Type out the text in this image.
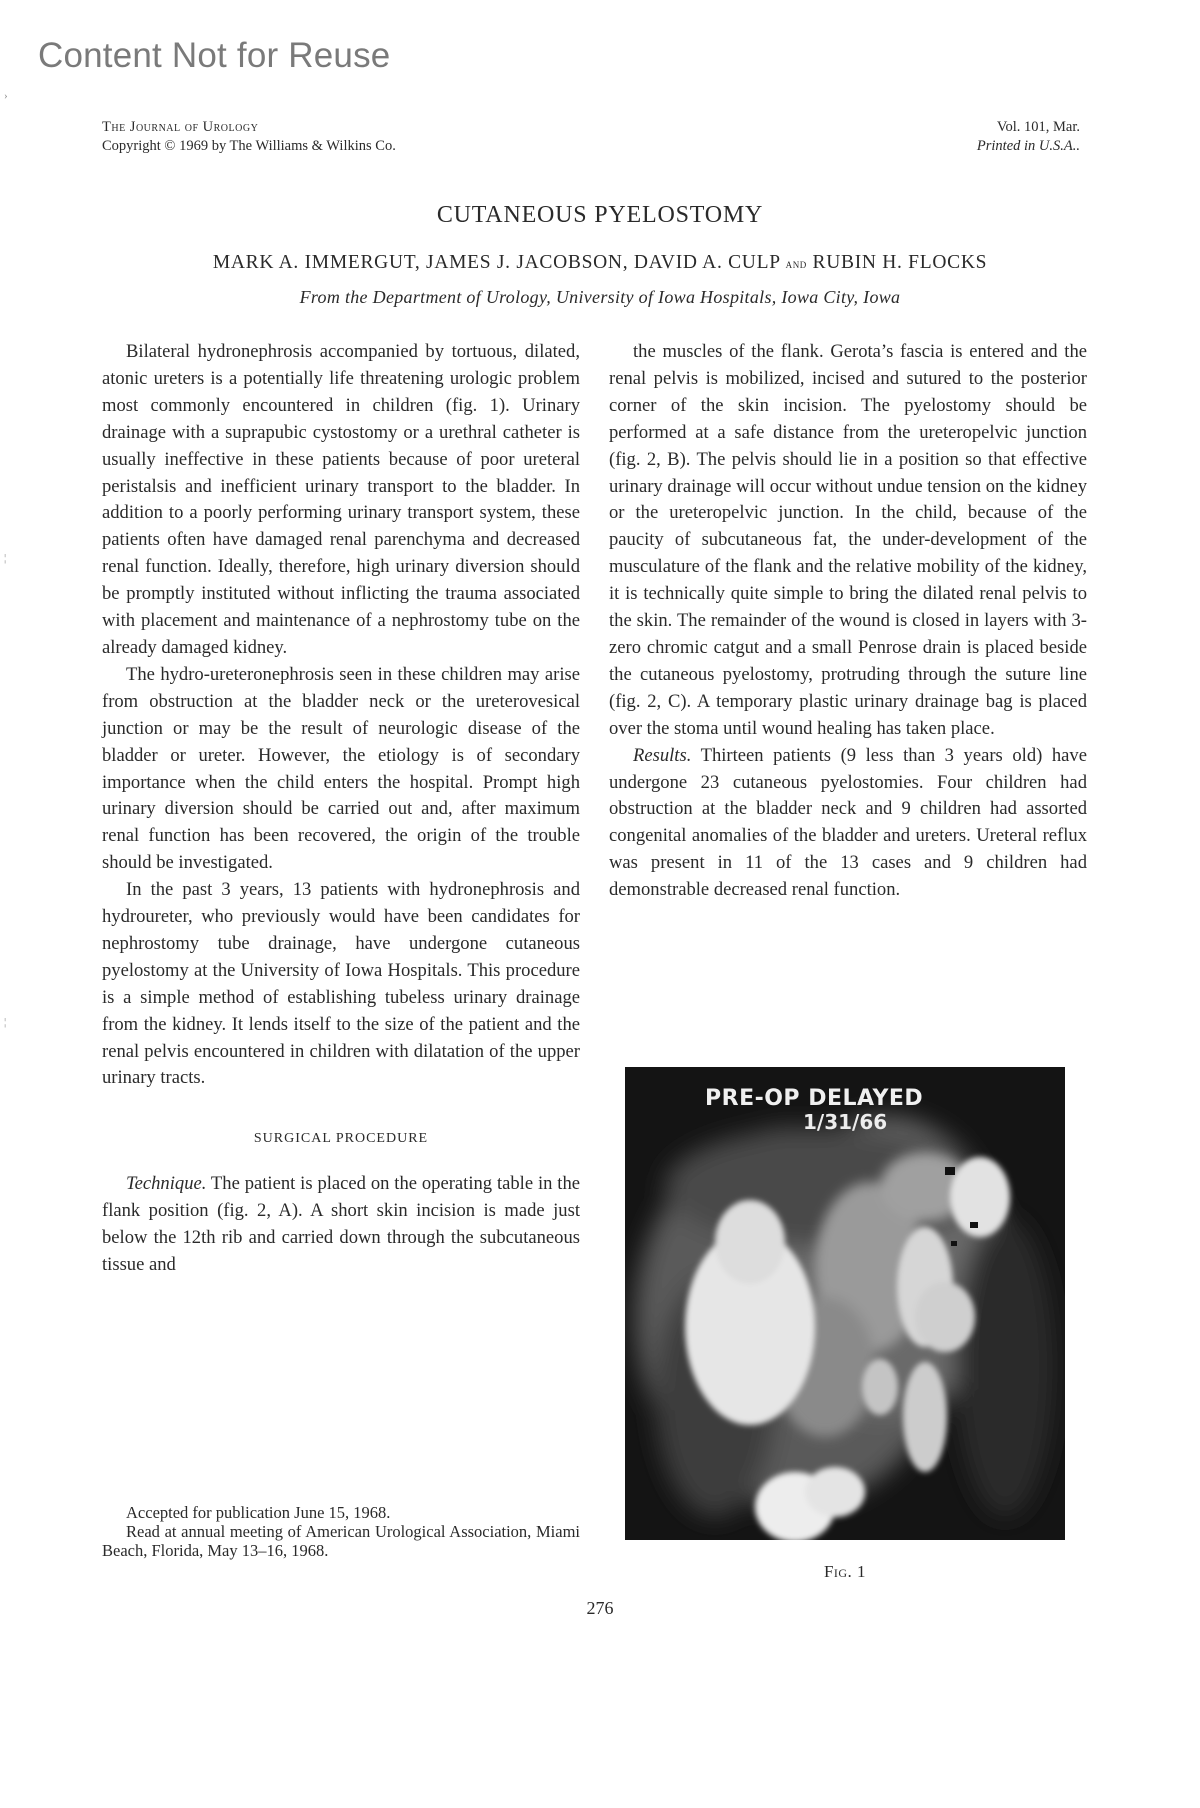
Content Not for Reuse
›
¦
¦
The Journal of Urology
Copyright © 1969 by The Williams & Wilkins Co.
Vol. 101, Mar.
Printed in U.S.A..
CUTANEOUS PYELOSTOMY
MARK A. IMMERGUT, JAMES J. JACOBSON, DAVID A. CULP and RUBIN H. FLOCKS
From the Department of Urology, University of Iowa Hospitals, Iowa City, Iowa

Bilateral hydronephrosis accompanied by tortuous, dilated, atonic ureters is a potentially life threatening urologic problem most commonly encountered in children (fig. 1). Urinary drainage with a suprapubic cystostomy or a urethral catheter is usually ineffective in these patients because of poor ureteral peristalsis and inefficient urinary transport to the bladder. In addition to a poorly performing urinary transport system, these patients often have damaged renal parenchyma and decreased renal function. Ideally, therefore, high urinary diversion should be promptly instituted without inflicting the trauma associated with placement and maintenance of a nephrostomy tube on the already damaged kidney.

The hydro-ureteronephrosis seen in these children may arise from obstruction at the bladder neck or the ureterovesical junction or may be the result of neurologic disease of the bladder or ureter. However, the etiology is of secondary importance when the child enters the hospital. Prompt high urinary diversion should be carried out and, after maximum renal function has been recovered, the origin of the trouble should be investigated.

In the past 3 years, 13 patients with hydronephrosis and hydroureter, who previously would have been candidates for nephrostomy tube drainage, have undergone cutaneous pyelostomy at the University of Iowa Hospitals. This procedure is a simple method of establishing tubeless urinary drainage from the kidney. It lends itself to the size of the patient and the renal pelvis encountered in children with dilatation of the upper urinary tracts.

SURGICAL PROCEDURE

Technique. The patient is placed on the operating table in the flank position (fig. 2, A). A short skin incision is made just below the 12th rib and carried down through the subcutaneous tissue and

Accepted for publication June 15, 1968.

Read at annual meeting of American Urological Association, Miami Beach, Florida, May 13–16, 1968.

the muscles of the flank. Gerota’s fascia is entered and the renal pelvis is mobilized, incised and sutured to the posterior corner of the skin incision. The pyelostomy should be performed at a safe distance from the ureteropelvic junction (fig. 2, B). The pelvis should lie in a position so that effective urinary drainage will occur without undue tension on the kidney or the ureteropelvic junction. In the child, because of the paucity of subcutaneous fat, the under-development of the musculature of the flank and the relative mobility of the kidney, it is technically quite simple to bring the dilated renal pelvis to the skin. The remainder of the wound is closed in layers with 3-zero chromic catgut and a small Penrose drain is placed beside the cutaneous pyelostomy, protruding through the suture line (fig. 2, C). A temporary plastic urinary drainage bag is placed over the stoma until wound healing has taken place.

Results. Thirteen patients (9 less than 3 years old) have undergone 23 cutaneous pyelostomies. Four children had obstruction at the bladder neck and 9 children had assorted congenital anomalies of the bladder and ureters. Ureteral reflux was present in 11 of the 13 cases and 9 children had demonstrable decreased renal function.

PRE-OP DELAYED
1/31/66
Fig. 1
276
